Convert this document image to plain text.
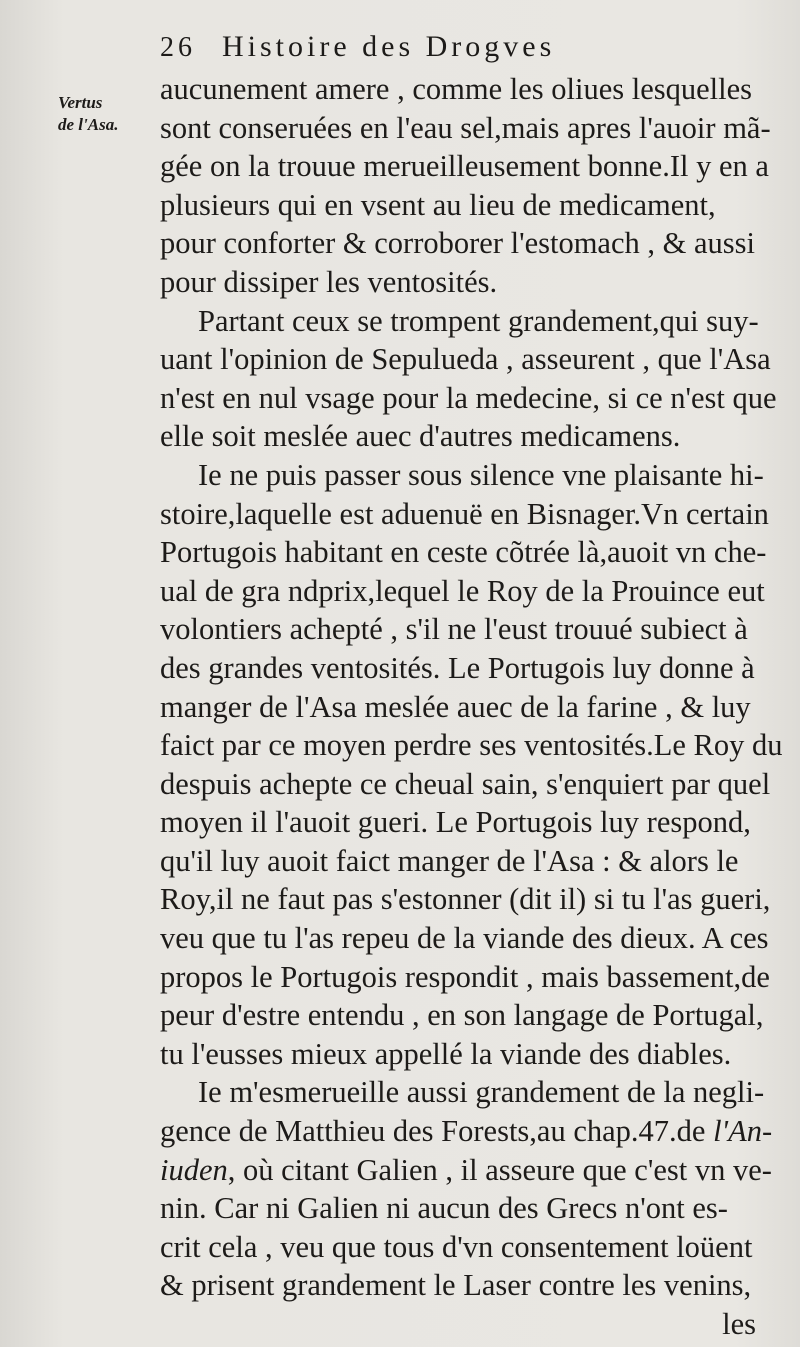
26 Histoire des Drogves
Vertus
de l'Asa.
aucunement amere , comme les oliues lesquelles
sont conseruées en l'eau sel,mais apres l'auoir mã-
gée on la trouue merueilleusement bonne.Il y en a
plusieurs qui en vsent au lieu de medicament,
pour conforter & corroborer l'estomach , & aussi
pour dissiper les ventosités.
Partant ceux se trompent grandement,qui suy-
uant l'opinion de Sepulueda , asseurent , que l'Asa
n'est en nul vsage pour la medecine, si ce n'est que
elle soit meslée auec d'autres medicamens.
Ie ne puis passer sous silence vne plaisante hi-
stoire,laquelle est aduenuë en Bisnager.Vn certain
Portugois habitant en ceste cõtrée là,auoit vn che-
ual de gra ndprix,lequel le Roy de la Prouince eut
volontiers achepté , s'il ne l'eust trouué subiect à
des grandes ventosités. Le Portugois luy donne à
manger de l'Asa meslée auec de la farine , & luy
faict par ce moyen perdre ses ventosités.Le Roy du
despuis achepte ce cheual sain, s'enquiert par quel
moyen il l'auoit gueri. Le Portugois luy respond,
qu'il luy auoit faict manger de l'Asa : & alors le
Roy,il ne faut pas s'estonner (dit il) si tu l'as gueri,
veu que tu l'as repeu de la viande des dieux. A ces
propos le Portugois respondit , mais bassement,de
peur d'estre entendu , en son langage de Portugal,
tu l'eusses mieux appellé la viande des diables.
Ie m'esmerueille aussi grandement de la negli-
gence de Matthieu des Forests,au chap.47.de l'An-
iuden, où citant Galien , il asseure que c'est vn ve-
nin. Car ni Galien ni aucun des Grecs n'ont es-
crit cela , veu que tous d'vn consentement loüent
& prisent grandement le Laser contre les venins,
les
